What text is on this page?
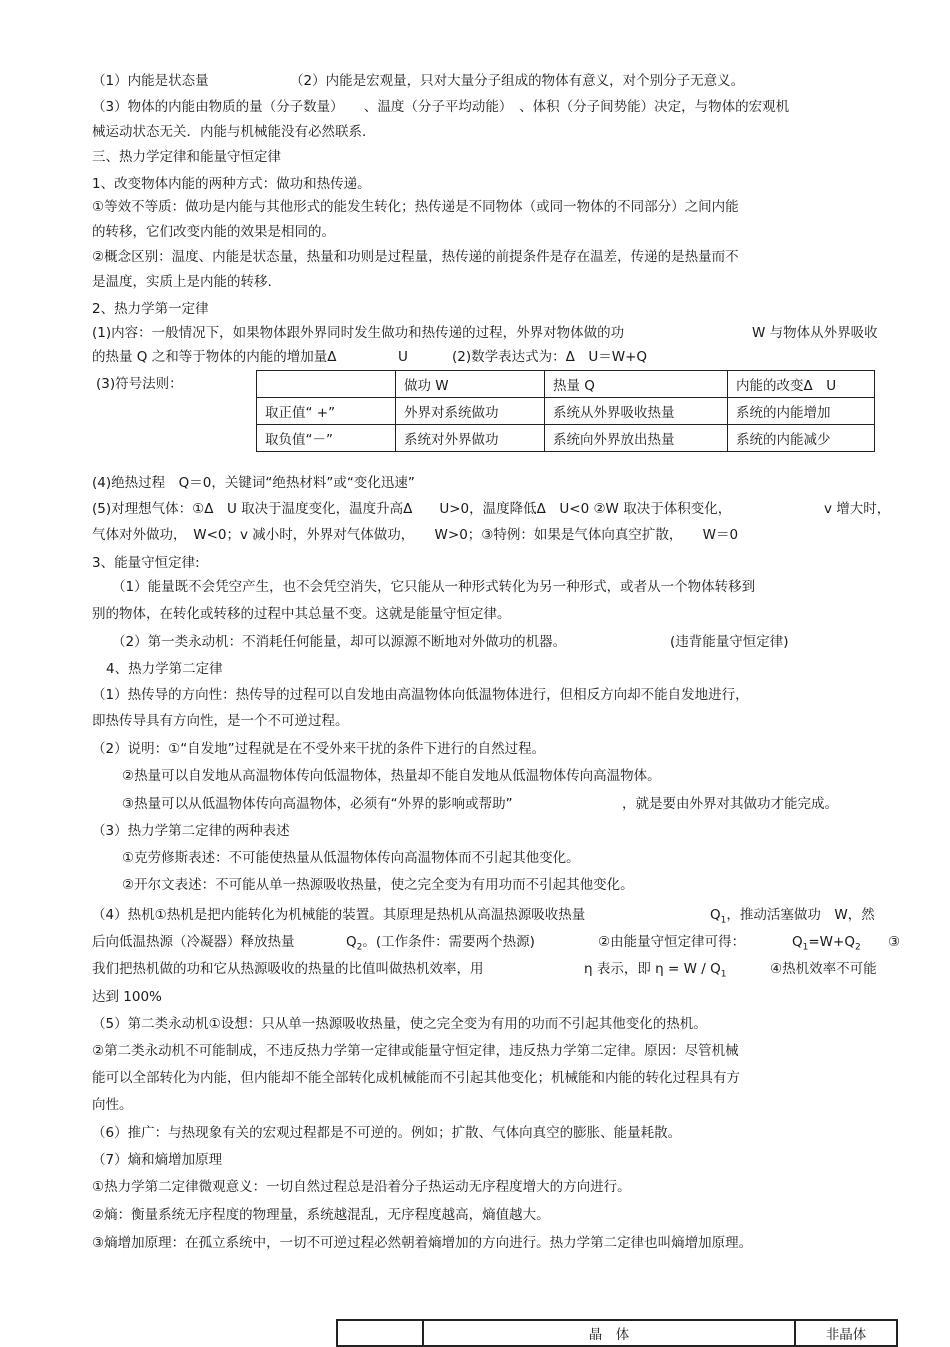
（1）内能是状态量	（2）内能是宏观量，只对大量分子组成的物体有意义，对个别分子无意义。
（3）物体的内能由物质的量（分子数量）　　、温度（分子平均动能）　、体积（分子间势能）决定，与物体的宏观机
械运动状态无关．内能与机械能没有必然联系．
三、热力学定律和能量守恒定律
1、改变物体内能的两种方式：做功和热传递。
①等效不等质：做功是内能与其他形式的能发生转化；热传递是不同物体（或同一物体的不同部分）之间内能
的转移，它们改变内能的效果是相同的。
②概念区别：温度、内能是状态量，热量和功则是过程量，热传递的前提条件是存在温差，传递的是热量而不
是温度，实质上是内能的转移.
2、热力学第一定律
(1)内容：一般情况下，如果物体跟外界同时发生做功和热传递的过程，外界对物体做的功	W 与物体从外界吸收
的热量 Q 之和等于物体的内能的增加量Δ	U	(2)数学表达式为：Δ　U＝W+Q
(3)符号法则：
		做功 W	热量 Q	内能的改变Δ　U
取正值“ +”	外界对系统做功	系统从外界吸收热量	系统的内能增加
取负值“－”	系统对外界做功	系统向外界放出热量	系统的内能减少
(4)绝热过程　Q＝0，关键词“绝热材料”或“变化迅速”
(5)对理想气体：①Δ　U 取决于温度变化，温度升高Δ　　U>0，温度降低Δ　U<0 ②W 取决于体积变化，	v 增大时，
气体对外做功，　W<0；v 减小时，外界对气体做功，　　W>0；③特例：如果是气体向真空扩散，　　W＝0
3、能量守恒定律:
（1）能量既不会凭空产生，也不会凭空消失，它只能从一种形式转化为另一种形式，或者从一个物体转移到
别的物体，在转化或转移的过程中其总量不变。这就是能量守恒定律。
（2）第一类永动机：不消耗任何能量，却可以源源不断地对外做功的机器。	(违背能量守恒定律)
4、热力学第二定律
（1）热传导的方向性：热传导的过程可以自发地由高温物体向低温物体进行，但相反方向却不能自发地进行，
即热传导具有方向性，是一个不可逆过程。
（2）说明：①“自发地”过程就是在不受外来干扰的条件下进行的自然过程。
②热量可以自发地从高温物体传向低温物体，热量却不能自发地从低温物体传向高温物体。
③热量可以从低温物体传向高温物体，必须有“外界的影响或帮助”	，就是要由外界对其做功才能完成。
（3）热力学第二定律的两种表述
①克劳修斯表述：不可能使热量从低温物体传向高温物体而不引起其他变化。
②开尔文表述：不可能从单一热源吸收热量，使之完全变为有用功而不引起其他变化。
（4）热机①热机是把内能转化为机械能的装置。其原理是热机从高温热源吸收热量	$Q_1$，推动活塞做功　W，然
后向低温热源（冷凝器）释放热量	$Q_2$。(工作条件：需要两个热源)	②由能量守恒定律可得：	$Q_1=W+Q_2$ ③
我们把热机做的功和它从热源吸收的热量的比值叫做热机效率，用	η 表示，即 $\eta = W / Q_1$	④热机效率不可能
达到 100%
（5）第二类永动机①设想：只从单一热源吸收热量，使之完全变为有用的功而不引起其他变化的热机。
②第二类永动机不可能制成，不违反热力学第一定律或能量守恒定律，违反热力学第二定律。原因：尽管机械
能可以全部转化为内能，但内能却不能全部转化成机械能而不引起其他变化；机械能和内能的转化过程具有方
向性。
（6）推广：与热现象有关的宏观过程都是不可逆的。例如；扩散、气体向真空的膨胀、能量耗散。
（7）熵和熵增加原理
①热力学第二定律微观意义：一切自然过程总是沿着分子热运动无序程度增大的方向进行。
②熵：衡量系统无序程度的物理量，系统越混乱，无序程度越高，熵值越大。
③熵增加原理：在孤立系统中，一切不可逆过程必然朝着熵增加的方向进行。热力学第二定律也叫熵增加原理。
	晶　体	非晶体
